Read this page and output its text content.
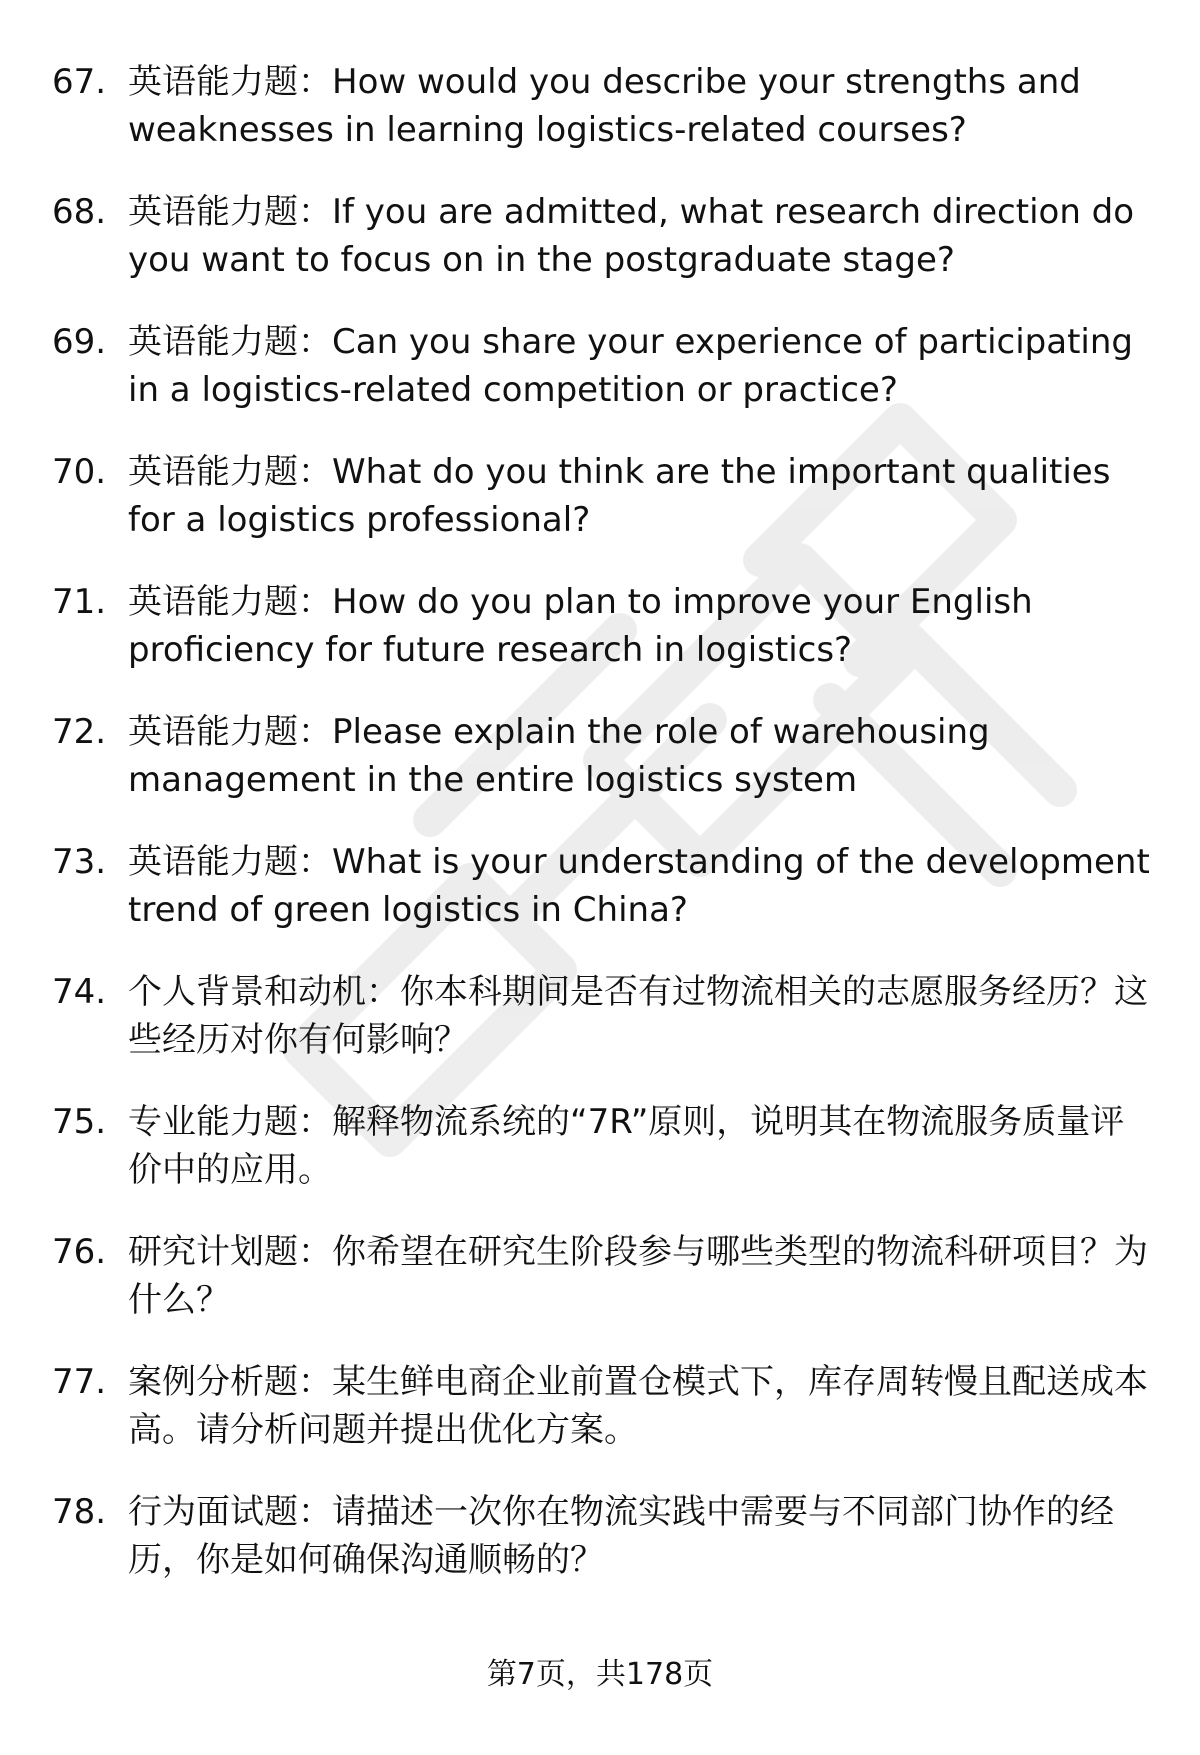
67. 英语能力题：How would you describe your strengths and weaknesses in learning logistics-related courses?
68. 英语能力题：If you are admitted, what research direction do you want to focus on in the postgraduate stage?
69. 英语能力题：Can you share your experience of participating in a logistics-related competition or practice?
70. 英语能力题：What do you think are the important qualities for a logistics professional?
71. 英语能力题：How do you plan to improve your English proficiency for future research in logistics?
72. 英语能力题：Please explain the role of warehousing management in the entire logistics system
73. 英语能力题：What is your understanding of the development trend of green logistics in China?
74. 个人背景和动机：你本科期间是否有过物流相关的志愿服务经历？这些经历对你有何影响？
75. 专业能力题：解释物流系统的“7R”原则，说明其在物流服务质量评价中的应用。
76. 研究计划题：你希望在研究生阶段参与哪些类型的物流科研项目？为什么？
77. 案例分析题：某生鲜电商企业前置仓模式下，库存周转慢且配送成本高。请分析问题并提出优化方案。
78. 行为面试题：请描述一次你在物流实践中需要与不同部门协作的经历，你是如何确保沟通顺畅的？
第7页，共178页
